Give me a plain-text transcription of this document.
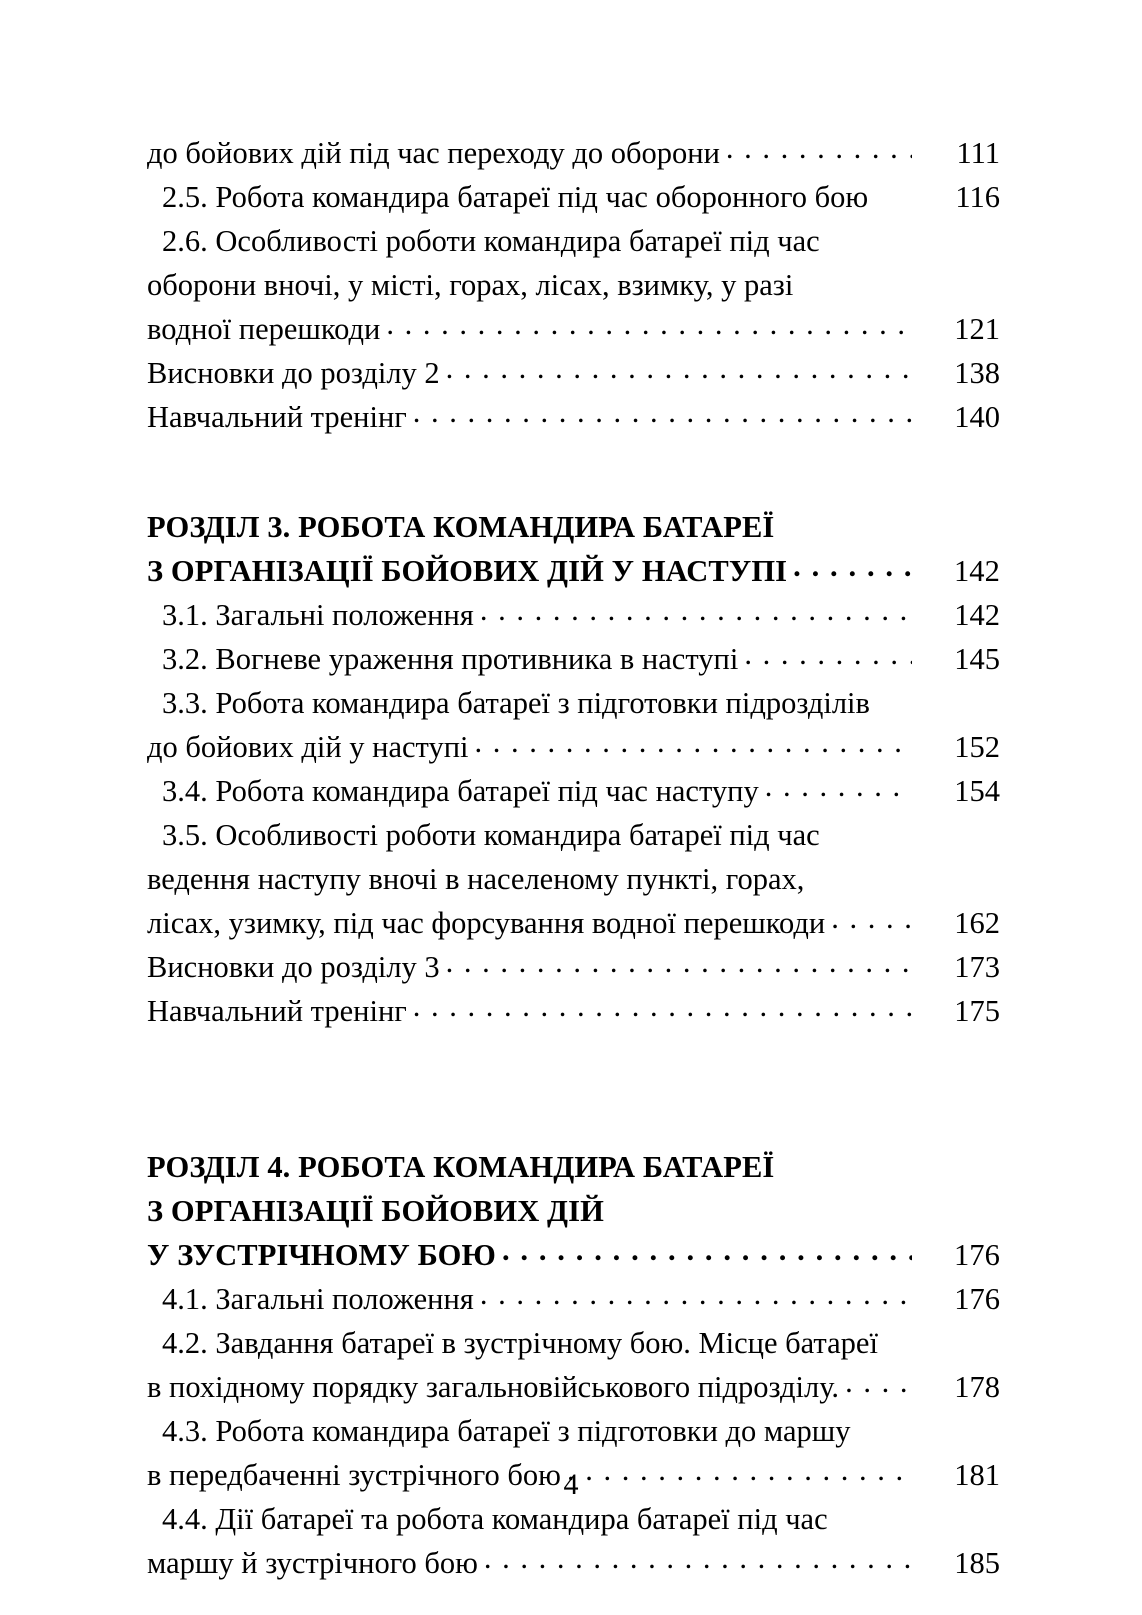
до бойових дій під час переходу до оборони . . .	111
2.5. Робота командира батареї під час оборонного бою	116
2.6. Особливості роботи командира батареї під час
оборони вночі, у місті, горах, лісах, взимку, у разі
водної перешкоди . . .	121
Висновки до розділу 2 . . .	138
Навчальний тренінг . . .	140
РОЗДІЛ 3. РОБОТА КОМАНДИРА БАТАРЕЇ
З ОРГАНІЗАЦІЇ БОЙОВИХ ДІЙ У НАСТУПІ . . .	142
3.1. Загальні положення . . .	142
3.2. Вогневе ураження противника в наступі . . .	145
3.3. Робота командира батареї з підготовки підрозділів
до бойових дій у наступі . . .	152
3.4. Робота командира батареї під час наступу . . .	154
3.5. Особливості роботи командира батареї під час
ведення наступу вночі в населеному пункті, горах,
лісах, узимку, під час форсування водної перешкоди . . .	162
Висновки до розділу 3 . . .	173
Навчальний тренінг . . .	175
РОЗДІЛ 4. РОБОТА КОМАНДИРА БАТАРЕЇ
З ОРГАНІЗАЦІЇ БОЙОВИХ ДІЙ
У ЗУСТРІЧНОМУ БОЮ . . .	176
4.1. Загальні положення . . .	176
4.2. Завдання батареї в зустрічному бою. Місце батареї
в похідному порядку загальновійськового підрозділу. . . .	178
4.3. Робота командира батареї з підготовки до маршу
в передбаченні зустрічного бою . . .	181
4.4. Дії батареї та робота командира батареї під час
маршу й зустрічного бою . . .	185
4
